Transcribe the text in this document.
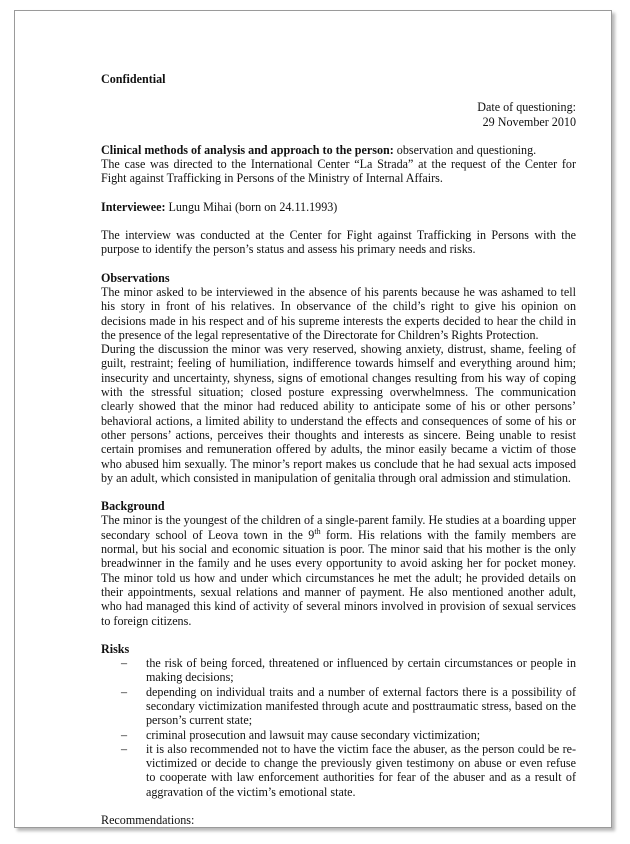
Confidential

Date of questioning:

29 November 2010

Clinical methods of analysis and approach to the person: observation and questioning.

The case was directed to the International Center “La Strada” at the request of the Center for Fight against Trafficking in Persons of the Ministry of Internal Affairs.

Interviewee: Lungu Mihai (born on 24.11.1993)

The interview was conducted at the Center for Fight against Trafficking in Persons with the purpose to identify the person’s status and assess his primary needs and risks.

Observations

The minor asked to be interviewed in the absence of his parents because he was ashamed to tell his story in front of his relatives. In observance of the child’s right to give his opinion on decisions made in his respect and of his supreme interests the experts decided to hear the child in the presence of the legal representative of the Directorate for Children’s Rights Protection.

During the discussion the minor was very reserved, showing anxiety, distrust, shame, feeling of guilt, restraint; feeling of humiliation, indifference towards himself and everything around him; insecurity and uncertainty, shyness, signs of emotional changes resulting from his way of coping with the stressful situation; closed posture expressing overwhelmness. The communication clearly showed that the minor had reduced ability to anticipate some of his or other persons’ behavioral actions, a limited ability to understand the effects and consequences of some of his or other persons’ actions, perceives their thoughts and interests as sincere. Being unable to resist certain promises and remuneration offered by adults, the minor easily became a victim of those who abused him sexually. The minor’s report makes us conclude that he had sexual acts imposed by an adult, which consisted in manipulation of genitalia through oral admission and stimulation.

Background

The minor is the youngest of the children of a single-parent family. He studies at a boarding upper secondary school of Leova town in the 9th form. His relations with the family members are normal, but his social and economic situation is poor. The minor said that his mother is the only breadwinner in the family and he uses every opportunity to avoid asking her for pocket money. The minor told us how and under which circumstances he met the adult; he provided details on their appointments, sexual relations and manner of payment. He also mentioned another adult, who had managed this kind of activity of several minors involved in provision of sexual services to foreign citizens.

Risks

– the risk of being forced, threatened or influenced by certain circumstances or people in making decisions;
– depending on individual traits and a number of external factors there is a possibility of secondary victimization manifested through acute and posttraumatic stress, based on the person’s current state;
– criminal prosecution and lawsuit may cause secondary victimization;
– it is also recommended not to have the victim face the abuser, as the person could be re-victimized or decide to change the previously given testimony on abuse or even refuse to cooperate with law enforcement authorities for fear of the abuser and as a result of aggravation of the victim’s emotional state.

Recommendations:
